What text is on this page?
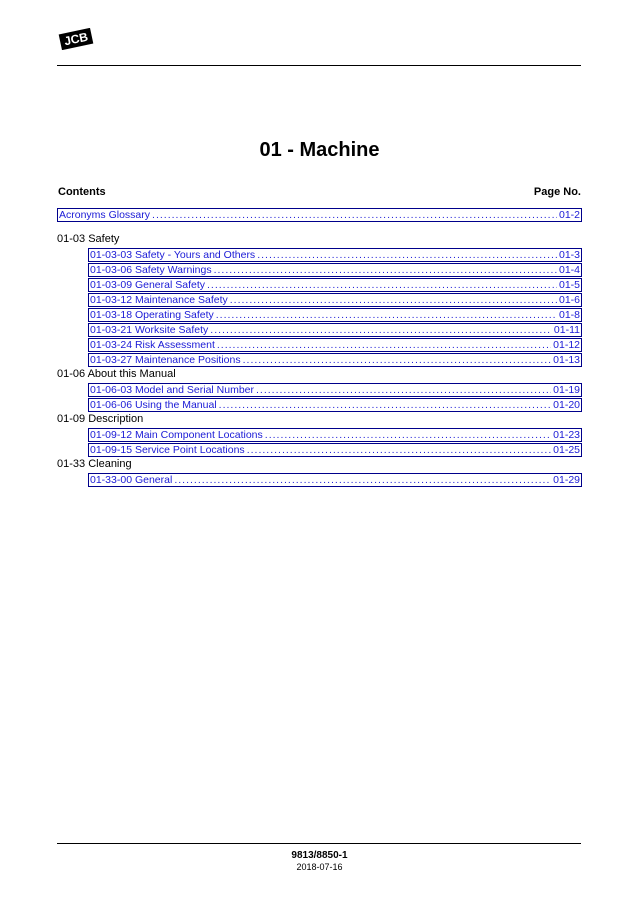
JCB
01 - Machine
Contents	Page No.
Acronyms Glossary .....	01-2
01-03 Safety
01-03-03 Safety - Yours and Others .....	01-3
01-03-06 Safety Warnings .....	01-4
01-03-09 General Safety .....	01-5
01-03-12 Maintenance Safety .....	01-6
01-03-18 Operating Safety .....	01-8
01-03-21 Worksite Safety .....	01-11
01-03-24 Risk Assessment .....	01-12
01-03-27 Maintenance Positions .....	01-13
01-06 About this Manual
01-06-03 Model and Serial Number .....	01-19
01-06-06 Using the Manual .....	01-20
01-09 Description
01-09-12 Main Component Locations .....	01-23
01-09-15 Service Point Locations .....	01-25
01-33 Cleaning
01-33-00 General .....	01-29
9813/8850-1
2018-07-16
